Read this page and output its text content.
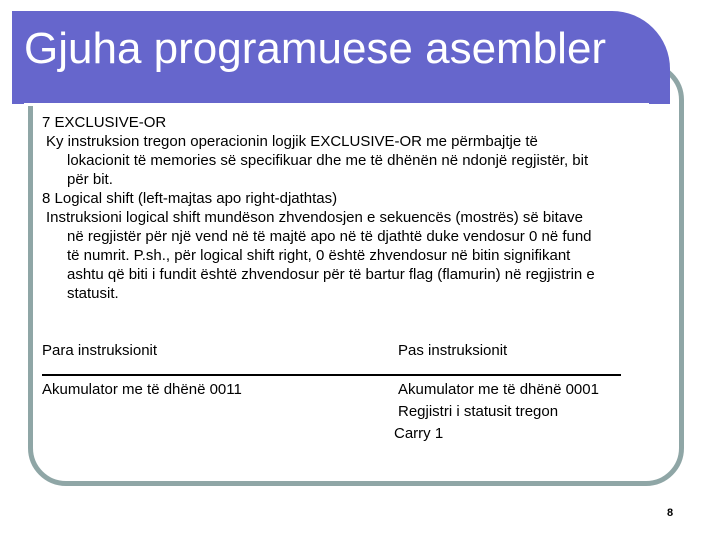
Gjuha programuese asembler
7 EXCLUSIVE-OR
Ky instruksion tregon operacionin logjik EXCLUSIVE-OR me përmbajtje të
lokacionit të memories së specifikuar dhe me të dhënën në ndonjë regjistër, bit
për bit.
8 Logical shift (left-majtas apo right-djathtas)
Instruksioni logical shift mundëson zhvendosjen e sekuencës (mostrës) së bitave
në regjistër për një vend në të majtë apo në të djathtë duke vendosur 0 në fund
të numrit. P.sh., për logical shift right, 0 është zhvendosur në bitin signifikant
ashtu që biti i fundit është zhvendosur për të bartur flag (flamurin) në regjistrin e
statusit.
Para instruksionit	Pas instruksionit
Akumulator me të dhënë 0011	Akumulator me të dhënë 0001
Regjistri i statusit tregon
Carry 1
8
